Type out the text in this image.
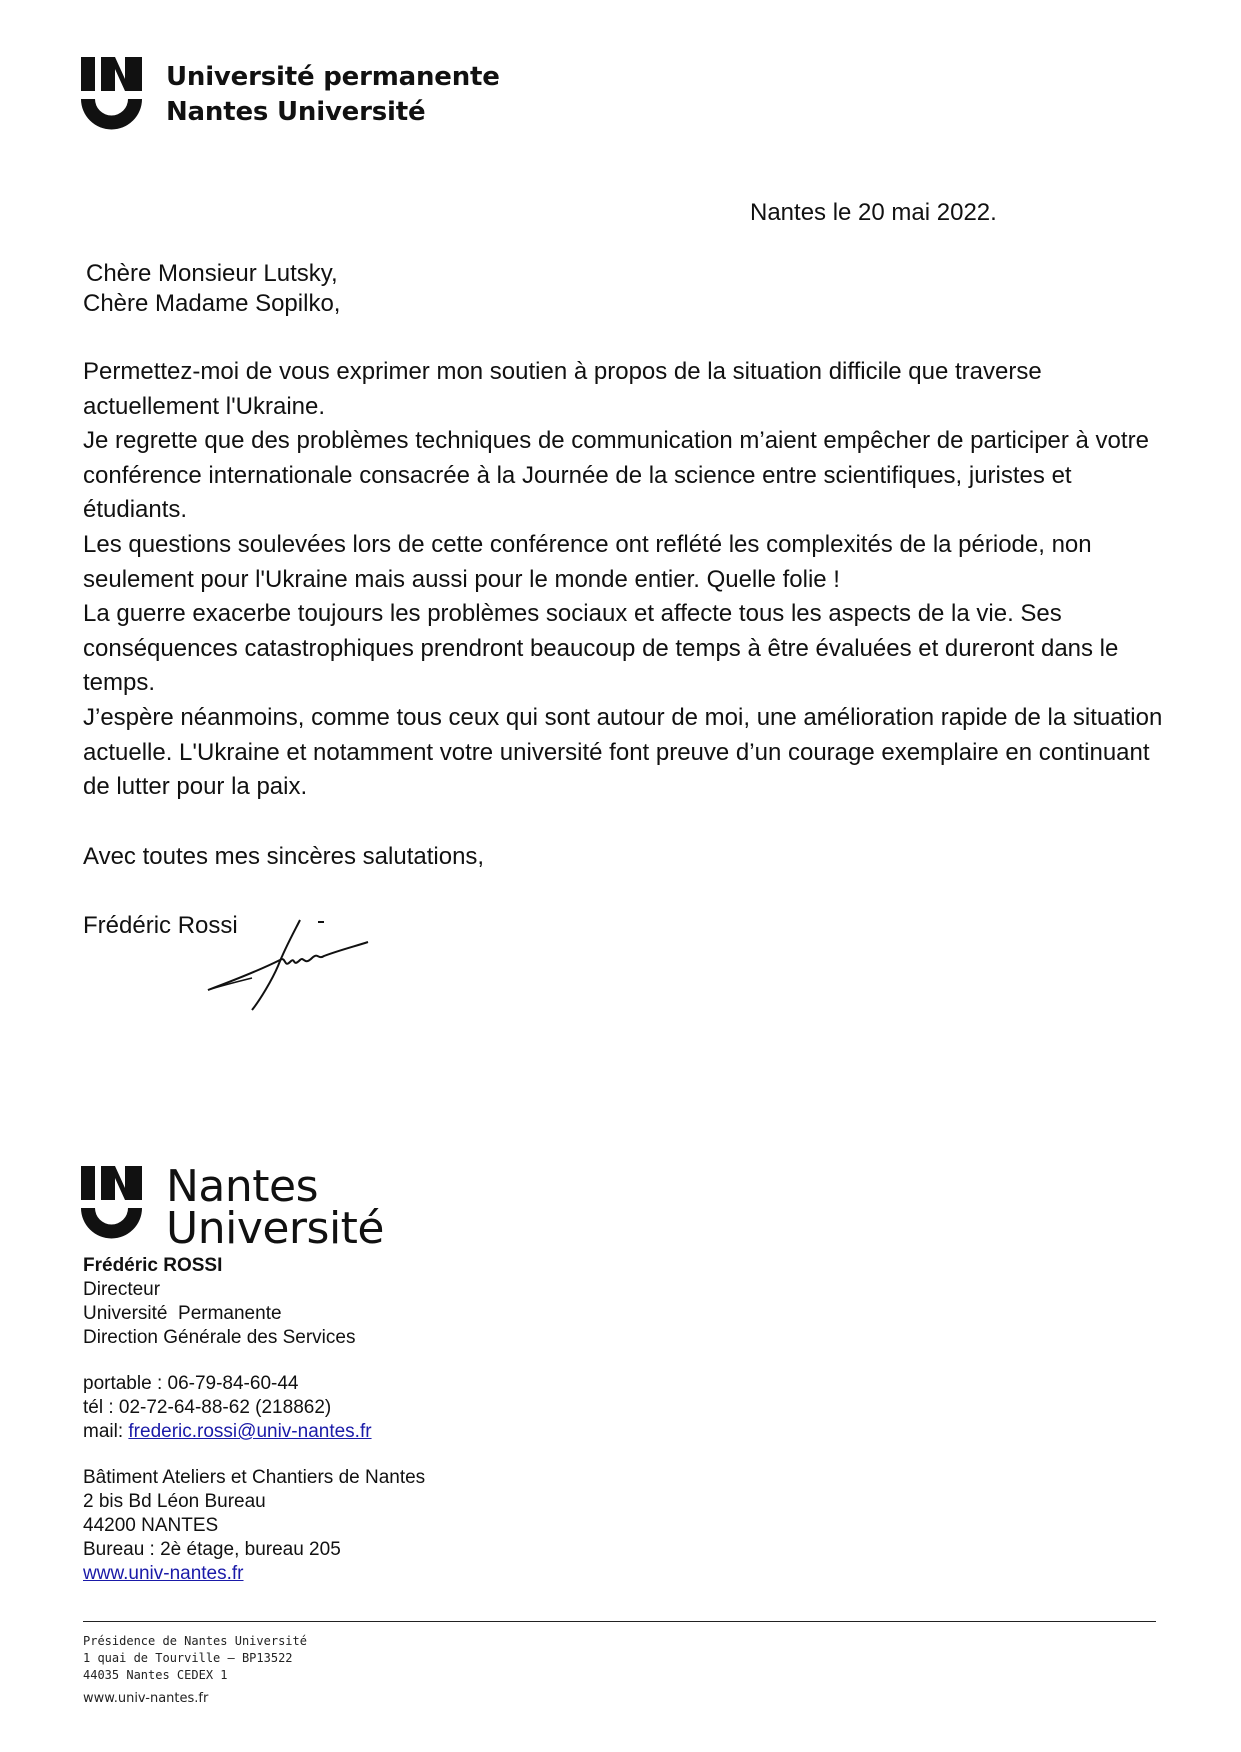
Université permanente
Nantes Université
Nantes le 20 mai 2022.
Chère Monsieur Lutsky,
Chère Madame Sopilko,

Permettez-moi de vous exprimer mon soutien à propos de la situation difficile que traverse actuellement l'Ukraine.

Je regrette que des problèmes techniques de communication m’aient empêcher de participer à votre conférence internationale consacrée à la Journée de la science entre scientifiques, juristes et étudiants.

Les questions soulevées lors de cette conférence ont reflété les complexités de la période, non seulement pour l'Ukraine mais aussi pour le monde entier. Quelle folie !

La guerre exacerbe toujours les problèmes sociaux et affecte tous les aspects de la vie. Ses conséquences catastrophiques prendront beaucoup de temps à être évaluées et dureront dans le temps.

J’espère néanmoins, comme tous ceux qui sont autour de moi, une amélioration rapide de la situation actuelle. L'Ukraine et notamment votre université font preuve d’un courage exemplaire en continuant de lutter pour la paix.

Avec toutes mes sincères salutations,
Frédéric Rossi
Nantes
Université
Frédéric ROSSI
Directeur
Université  Permanente
Direction Générale des Services
portable : 06-79-84-60-44
tél : 02-72-64-88-62 (218862)
mail: frederic.rossi@univ-nantes.fr
Bâtiment Ateliers et Chantiers de Nantes
2 bis Bd Léon Bureau
44200 NANTES
Bureau : 2è étage, bureau 205
www.univ-nantes.fr
Présidence de Nantes Université
1 quai de Tourville — BP13522
44035 Nantes CEDEX 1
www.univ-nantes.fr
